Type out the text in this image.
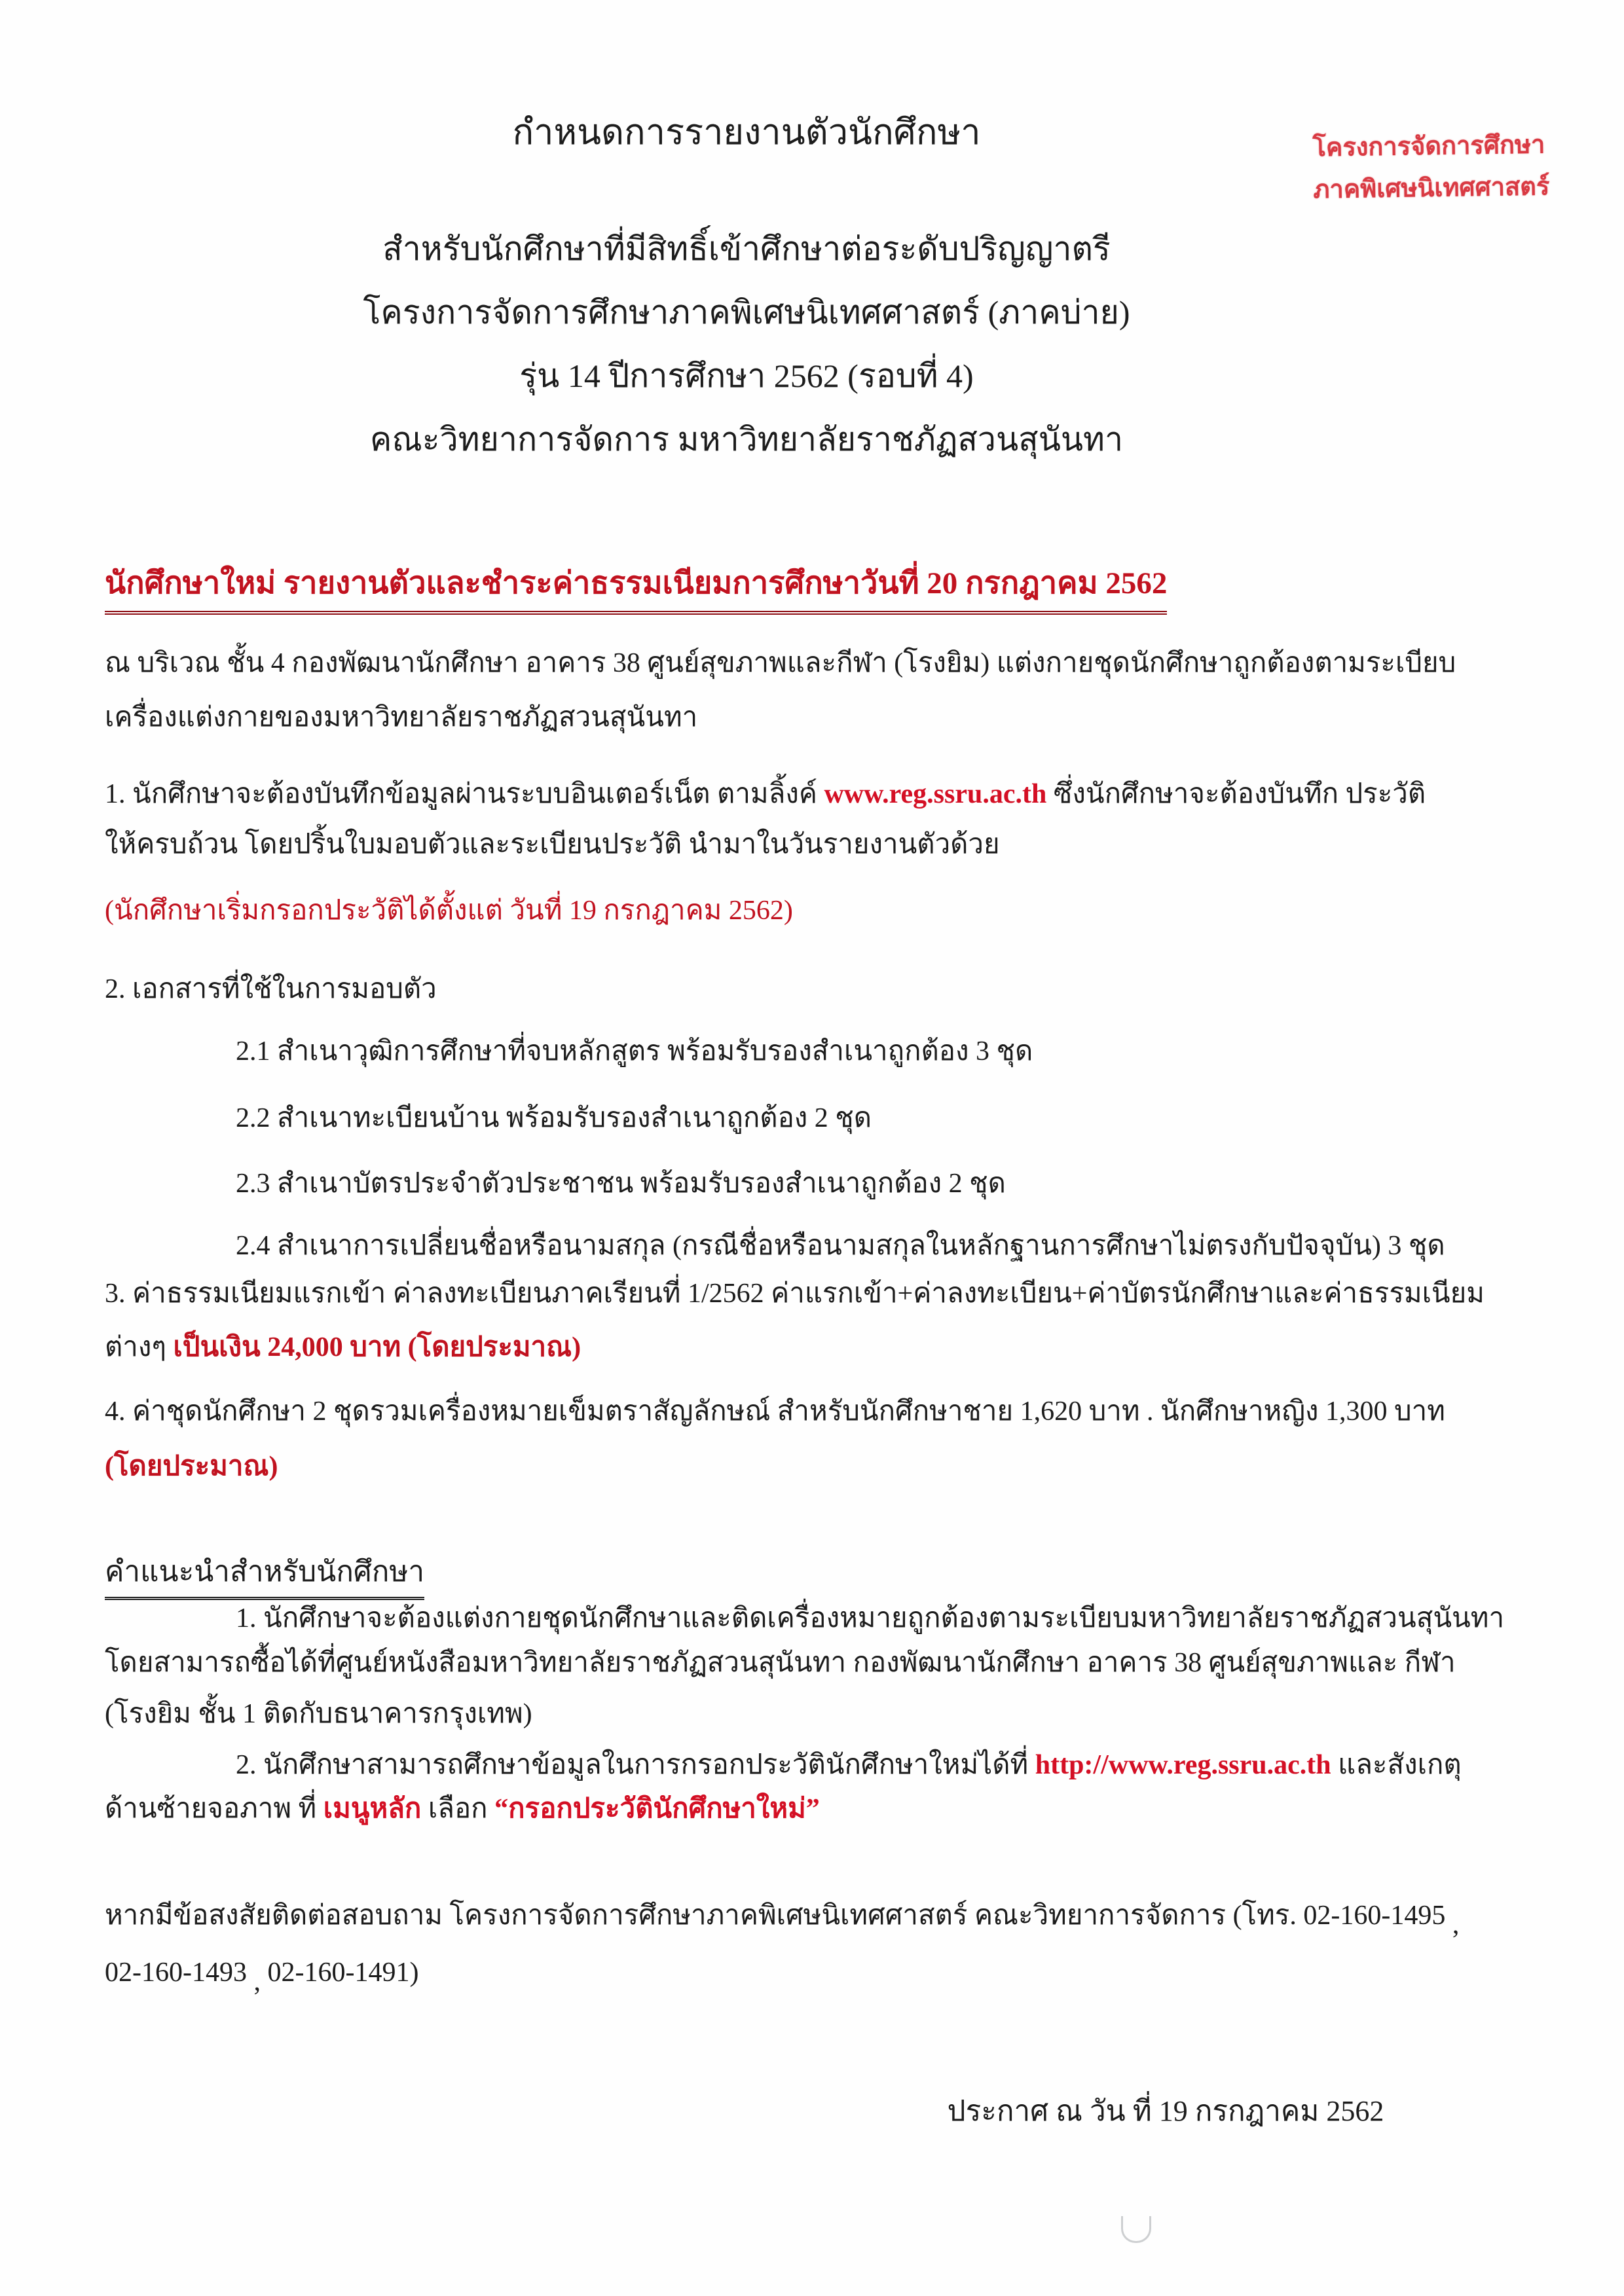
กำหนดการรายงานตัวนักศึกษา	โครงการจัดการศึกษา
ภาคพิเศษนิเทศศาสตร์
สำหรับนักศึกษาที่มีสิทธิ์เข้าศึกษาต่อระดับปริญญาตรี
โครงการจัดการศึกษาภาคพิเศษนิเทศศาสตร์ (ภาคบ่าย)
รุ่น 14 ปีการศึกษา 2562 (รอบที่ 4)
คณะวิทยาการจัดการ มหาวิทยาลัยราชภัฏสวนสุนันทา
นักศึกษาใหม่ รายงานตัวและชำระค่าธรรมเนียมการศึกษาวันที่ 20 กรกฎาคม 2562
ณ บริเวณ ชั้น 4 กองพัฒนานักศึกษา อาคาร 38 ศูนย์สุขภาพและกีฬา (โรงยิม) แต่งกายชุดนักศึกษาถูกต้องตามระเบียบ
เครื่องแต่งกายของมหาวิทยาลัยราชภัฏสวนสุนันทา
1. นักศึกษาจะต้องบันทึกข้อมูลผ่านระบบอินเตอร์เน็ต ตามลิ้งค์ www.reg.ssru.ac.th ซึ่งนักศึกษาจะต้องบันทึก ประวัติ
ให้ครบถ้วน โดยปริ้นใบมอบตัวและระเบียนประวัติ นำมาในวันรายงานตัวด้วย
(นักศึกษาเริ่มกรอกประวัติได้ตั้งแต่ วันที่ 19 กรกฎาคม 2562)
2. เอกสารที่ใช้ในการมอบตัว
2.1 สำเนาวุฒิการศึกษาที่จบหลักสูตร พร้อมรับรองสำเนาถูกต้อง 3 ชุด
2.2 สำเนาทะเบียนบ้าน พร้อมรับรองสำเนาถูกต้อง 2 ชุด
2.3 สำเนาบัตรประจำตัวประชาชน พร้อมรับรองสำเนาถูกต้อง 2 ชุด
2.4 สำเนาการเปลี่ยนชื่อหรือนามสกุล (กรณีชื่อหรือนามสกุลในหลักฐานการศึกษาไม่ตรงกับปัจจุบัน) 3 ชุด
3. ค่าธรรมเนียมแรกเข้า ค่าลงทะเบียนภาคเรียนที่ 1/2562 ค่าแรกเข้า+ค่าลงทะเบียน+ค่าบัตรนักศึกษาและค่าธรรมเนียม
ต่างๆ เป็นเงิน 24,000 บาท (โดยประมาณ)
4. ค่าชุดนักศึกษา 2 ชุดรวมเครื่องหมายเข็มตราสัญลักษณ์ สำหรับนักศึกษาชาย 1,620 บาท . นักศึกษาหญิง 1,300 บาท
(โดยประมาณ)
คำแนะนำสำหรับนักศึกษา
1. นักศึกษาจะต้องแต่งกายชุดนักศึกษาและติดเครื่องหมายถูกต้องตามระเบียบมหาวิทยาลัยราชภัฏสวนสุนันทา
โดยสามารถซื้อได้ที่ศูนย์หนังสือมหาวิทยาลัยราชภัฏสวนสุนันทา กองพัฒนานักศึกษา อาคาร 38 ศูนย์สุขภาพและ กีฬา
(โรงยิม ชั้น 1 ติดกับธนาคารกรุงเทพ)
2. นักศึกษาสามารถศึกษาข้อมูลในการกรอกประวัตินักศึกษาใหม่ได้ที่ http://www.reg.ssru.ac.th และสังเกตุ
ด้านซ้ายจอภาพ ที่ เมนูหลัก เลือก “กรอกประวัตินักศึกษาใหม่”
หากมีข้อสงสัยติดต่อสอบถาม โครงการจัดการศึกษาภาคพิเศษนิเทศศาสตร์ คณะวิทยาการจัดการ (โทร. 02-160-1495 ,
02-160-1493 , 02-160-1491)
ประกาศ ณ วัน ที่ 19 กรกฎาคม 2562
